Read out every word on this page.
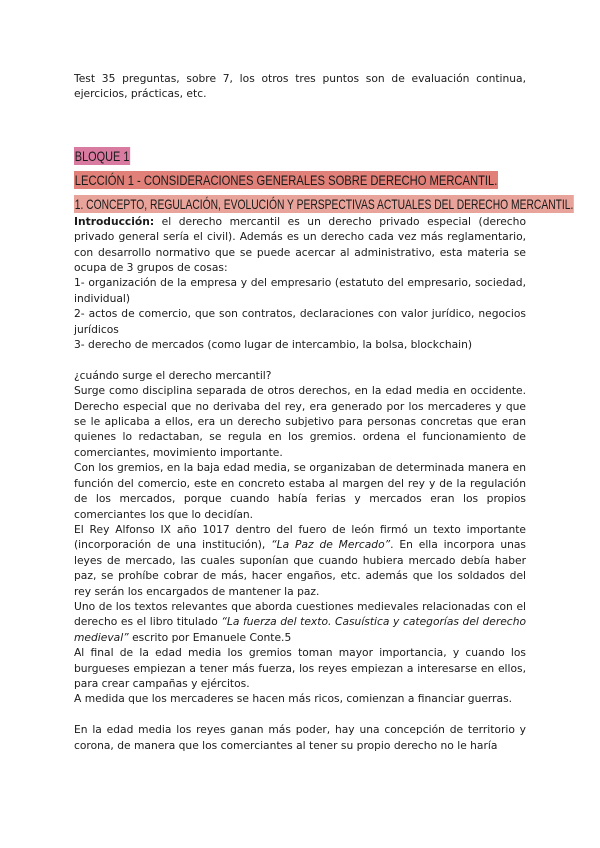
Test 35 preguntas, sobre 7, los otros tres puntos son de evaluación continua, ejercicios, prácticas, etc.

BLOQUE 1
LECCIÓN 1 - CONSIDERACIONES GENERALES SOBRE DERECHO MERCANTIL.
1. CONCEPTO, REGULACIÓN, EVOLUCIÓN Y PERSPECTIVAS ACTUALES DEL DERECHO MERCANTIL.

Introducción: el derecho mercantil es un derecho privado especial (derecho privado general sería el civil). Además es un derecho cada vez más reglamentario, con desarrollo normativo que se puede acercar al administrativo, esta materia se ocupa de 3 grupos de cosas:

1- organización de la empresa y del empresario (estatuto del empresario, sociedad, individual)

2- actos de comercio, que son contratos, declaraciones con valor jurídico, negocios jurídicos

3- derecho de mercados (como lugar de intercambio, la bolsa, blockchain)

¿cuándo surge el derecho mercantil?

Surge como disciplina separada de otros derechos, en la edad media en occidente. Derecho especial que no derivaba del rey, era generado por los mercaderes y que se le aplicaba a ellos, era un derecho subjetivo para personas concretas que eran quienes lo redactaban, se regula en los gremios. ordena el funcionamiento de comerciantes, movimiento importante.

Con los gremios, en la baja edad media, se organizaban de determinada manera en función del comercio, este en concreto estaba al margen del rey y de la regulación de los mercados, porque cuando había ferias y mercados eran los propios comerciantes los que lo decidían.

El Rey Alfonso IX año 1017 dentro del fuero de león firmó un texto importante (incorporación de una institución), “La Paz de Mercado”. En ella incorpora unas leyes de mercado, las cuales suponían que cuando hubiera mercado debía haber paz, se prohíbe cobrar de más, hacer engaños, etc. además que los soldados del rey serán los encargados de mantener la paz.

Uno de los textos relevantes que aborda cuestiones medievales relacionadas con el derecho es el libro titulado “La fuerza del texto. Casuística y categorías del derecho medieval” escrito por Emanuele Conte.5

Al final de la edad media los gremios toman mayor importancia, y cuando los burgueses empiezan a tener más fuerza, los reyes empiezan a interesarse en ellos, para crear campañas y ejércitos.

A medida que los mercaderes se hacen más ricos, comienzan a financiar guerras.

En la edad media los reyes ganan más poder, hay una concepción de territorio y corona, de manera que los comerciantes al tener su propio derecho no le haría
